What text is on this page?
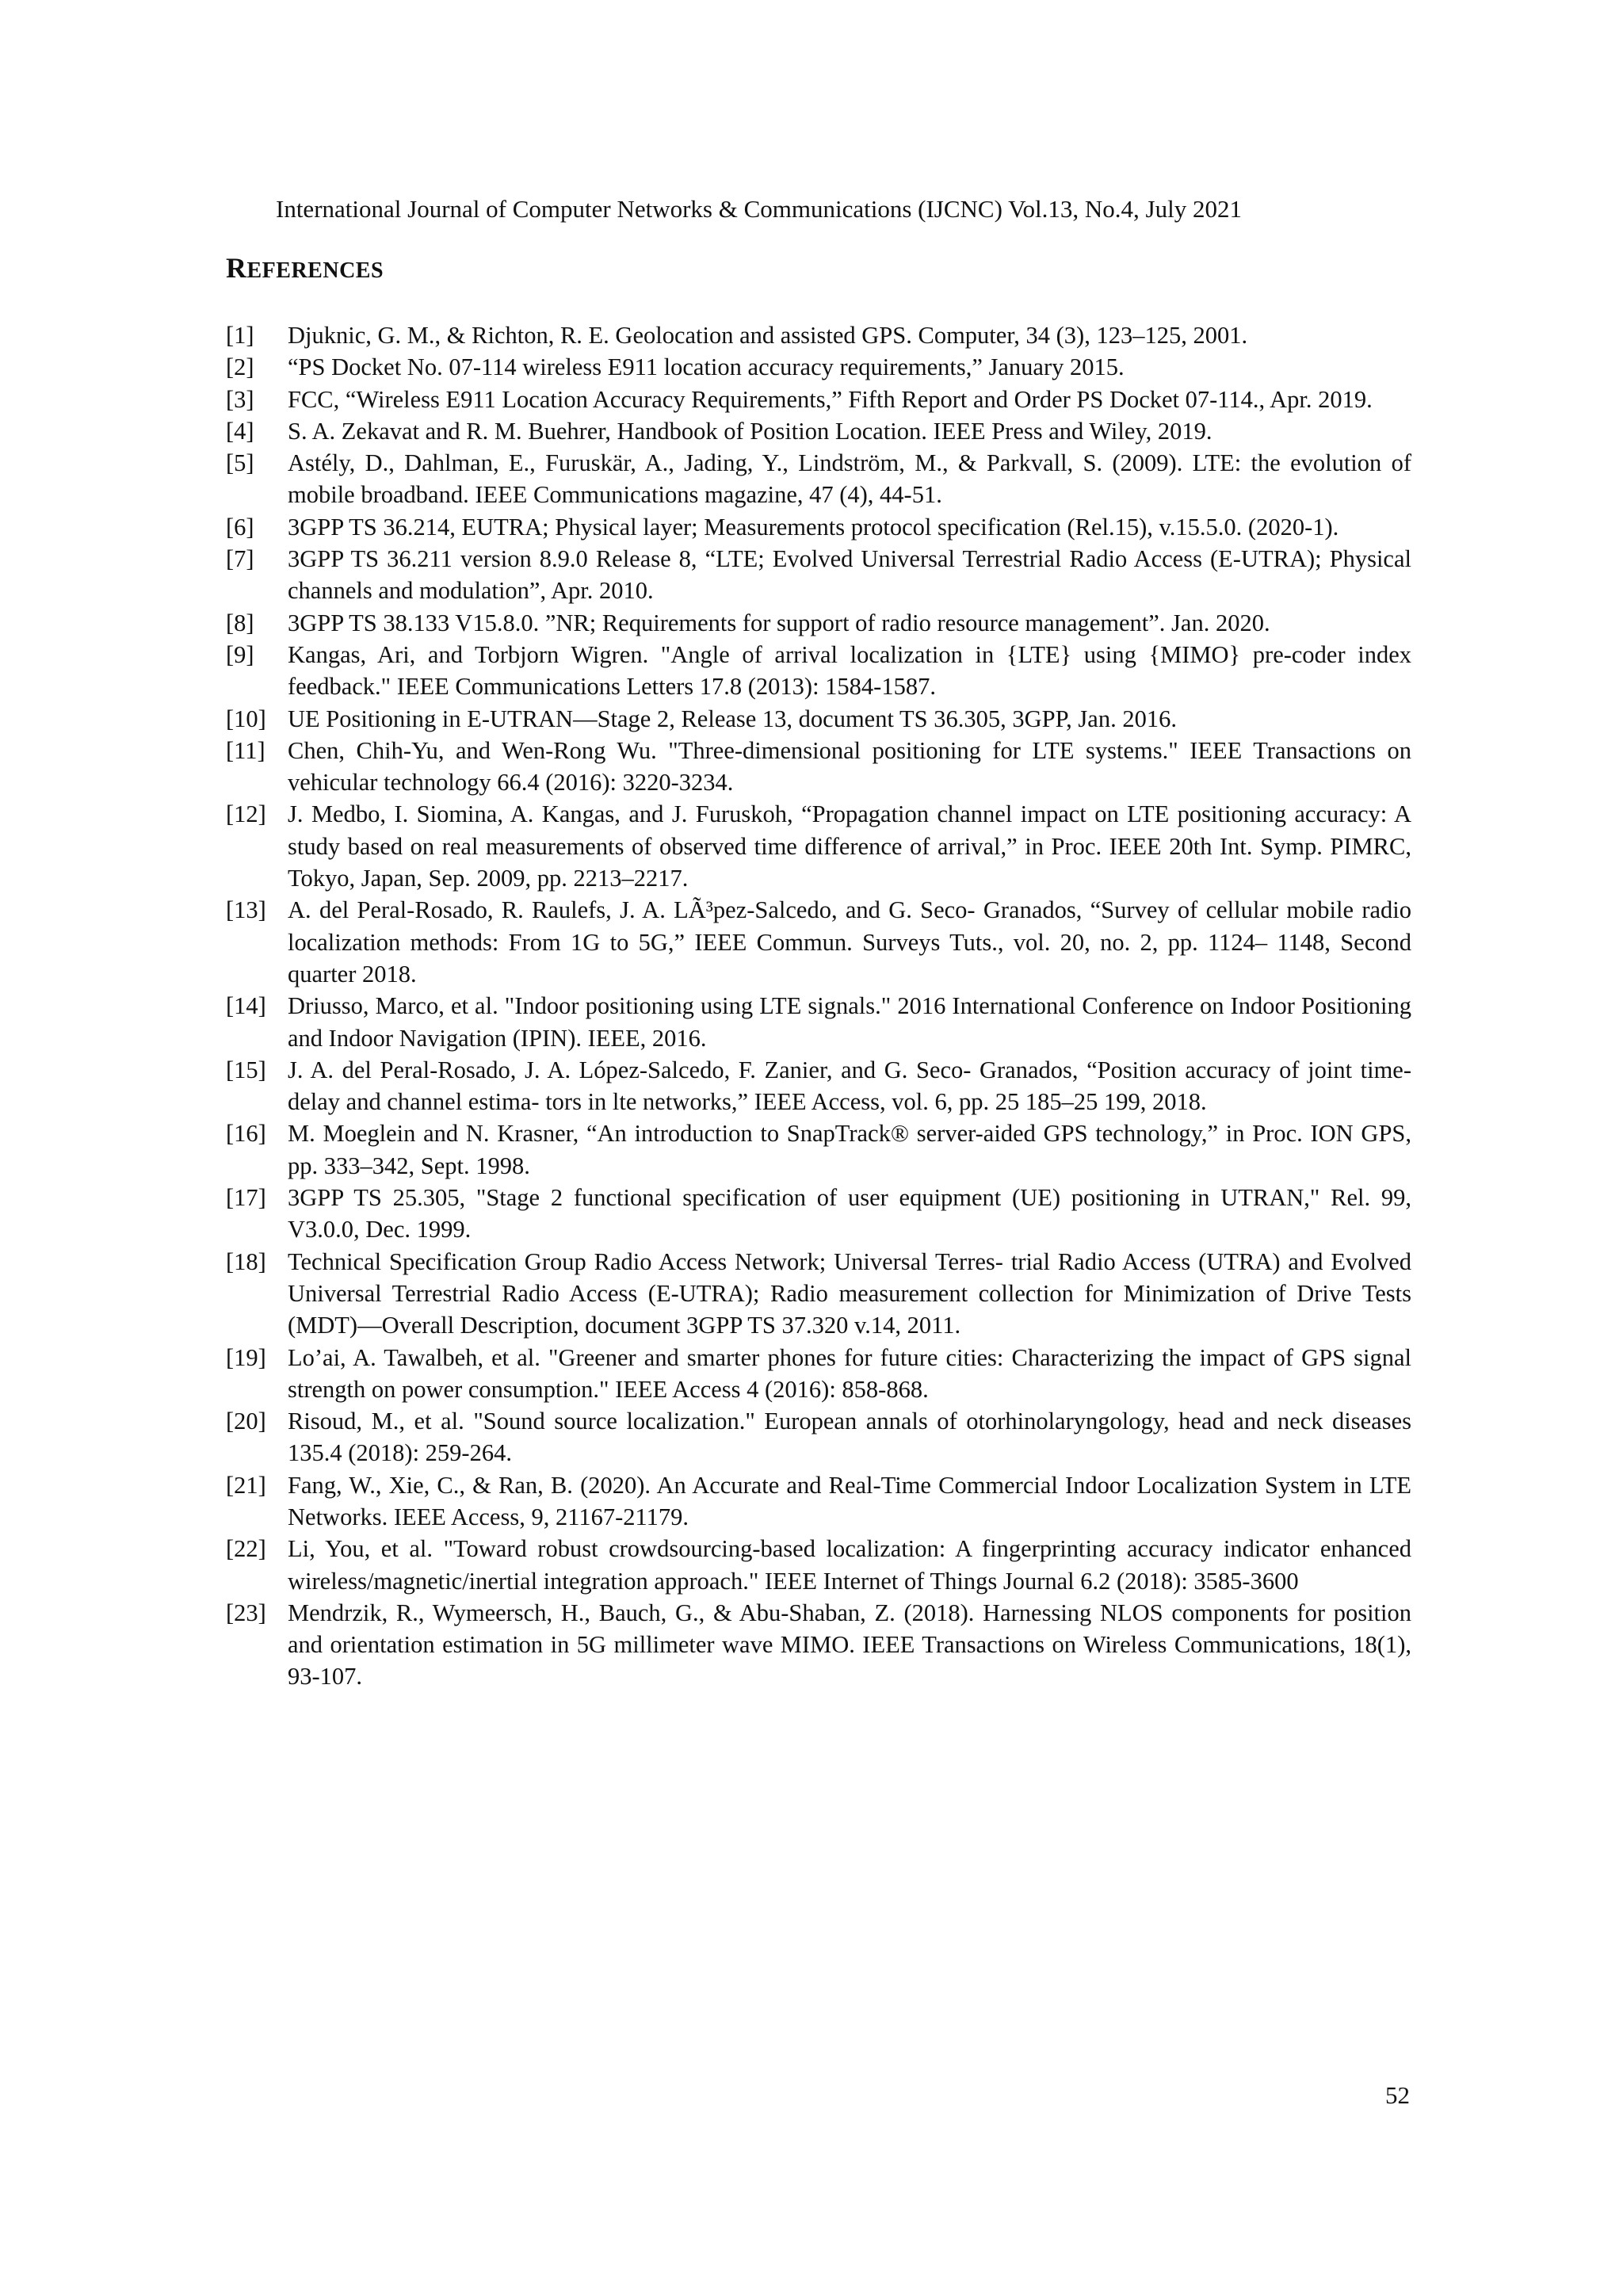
International Journal of Computer Networks & Communications (IJCNC) Vol.13, No.4, July 2021
REFERENCES
[1]	Djuknic, G. M., & Richton, R. E. Geolocation and assisted GPS. Computer, 34 (3), 123–125, 2001.
[2]	“PS Docket No. 07-114 wireless E911 location accuracy requirements,” January 2015.
[3]	FCC, “Wireless E911 Location Accuracy Requirements,” Fifth Report and Order PS Docket 07-114., Apr. 2019.
[4]	S. A. Zekavat and R. M. Buehrer, Handbook of Position Location. IEEE Press and Wiley, 2019.
[5]	Astély, D., Dahlman, E., Furuskär, A., Jading, Y., Lindström, M., & Parkvall, S. (2009). LTE: the evolution of mobile broadband. IEEE Communications magazine, 47 (4), 44-51.
[6]	3GPP TS 36.214, EUTRA; Physical layer; Measurements protocol specification (Rel.15), v.15.5.0. (2020-1).
[7]	3GPP TS 36.211 version 8.9.0 Release 8, “LTE; Evolved Universal Terrestrial Radio Access (E-UTRA); Physical channels and modulation”, Apr. 2010.
[8]	3GPP TS 38.133 V15.8.0. ”NR; Requirements for support of radio resource management”. Jan. 2020.
[9]	Kangas, Ari, and Torbjorn Wigren. "Angle of arrival localization in {LTE} using {MIMO} pre-coder index feedback." IEEE Communications Letters 17.8 (2013): 1584-1587.
[10] UE Positioning in E-UTRAN—Stage 2, Release 13, document TS 36.305, 3GPP, Jan. 2016.
[11] Chen, Chih-Yu, and Wen-Rong Wu. "Three-dimensional positioning for LTE systems." IEEE Transactions on vehicular technology 66.4 (2016): 3220-3234.
[12] J. Medbo, I. Siomina, A. Kangas, and J. Furuskoh, “Propagation channel impact on LTE positioning accuracy: A study based on real measurements of observed time difference of arrival,” in Proc. IEEE 20th Int. Symp. PIMRC, Tokyo, Japan, Sep. 2009, pp. 2213–2217.
[13] A. del Peral-Rosado, R. Raulefs, J. A. LÃ³pez-Salcedo, and G. Seco- Granados, “Survey of cellular mobile radio localization methods: From 1G to 5G,” IEEE Commun. Surveys Tuts., vol. 20, no. 2, pp. 1124– 1148, Second quarter 2018.
[14] Driusso, Marco, et al. "Indoor positioning using LTE signals." 2016 International Conference on Indoor Positioning and Indoor Navigation (IPIN). IEEE, 2016.
[15] J. A. del Peral-Rosado, J. A. López-Salcedo, F. Zanier, and G. Seco- Granados, “Position accuracy of joint time-delay and channel estima- tors in lte networks,” IEEE Access, vol. 6, pp. 25 185–25 199, 2018.
[16] M. Moeglein and N. Krasner, “An introduction to SnapTrack® server-aided GPS technology,” in Proc. ION GPS, pp. 333–342, Sept. 1998.
[17] 3GPP TS 25.305, "Stage 2 functional specification of user equipment (UE) positioning in UTRAN," Rel. 99, V3.0.0, Dec. 1999.
[18] Technical Specification Group Radio Access Network; Universal Terres- trial Radio Access (UTRA) and Evolved Universal Terrestrial Radio Access (E-UTRA); Radio measurement collection for Minimization of Drive Tests (MDT)—Overall Description, document 3GPP TS 37.320 v.14, 2011.
[19] Lo’ai, A. Tawalbeh, et al. "Greener and smarter phones for future cities: Characterizing the impact of GPS signal strength on power consumption." IEEE Access 4 (2016): 858-868.
[20] Risoud, M., et al. "Sound source localization." European annals of otorhinolaryngology, head and neck diseases 135.4 (2018): 259-264.
[21] Fang, W., Xie, C., & Ran, B. (2020). An Accurate and Real-Time Commercial Indoor Localization System in LTE Networks. IEEE Access, 9, 21167-21179.
[22] Li, You, et al. "Toward robust crowdsourcing-based localization: A fingerprinting accuracy indicator enhanced wireless/magnetic/inertial integration approach." IEEE Internet of Things Journal 6.2 (2018): 3585-3600
[23] Mendrzik, R., Wymeersch, H., Bauch, G., & Abu-Shaban, Z. (2018). Harnessing NLOS components for position and orientation estimation in 5G millimeter wave MIMO. IEEE Transactions on Wireless Communications, 18(1), 93-107.
52
